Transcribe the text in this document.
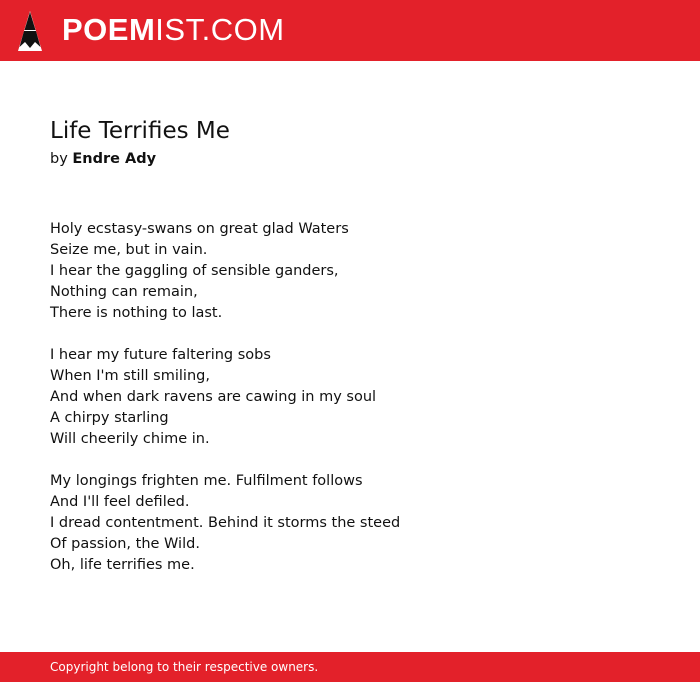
POEMIST.COM
Life Terrifies Me
by Endre Ady
Holy ecstasy-swans on great glad Waters
Seize me, but in vain.
I hear the gaggling of sensible ganders,
Nothing can remain,
There is nothing to last.
I hear my future faltering sobs
When I'm still smiling,
And when dark ravens are cawing in my soul
A chirpy starling
Will cheerily chime in.
My longings frighten me. Fulfilment follows
And I'll feel defiled.
I dread contentment. Behind it storms the steed
Of passion, the Wild.
Oh, life terrifies me.
Copyright belong to their respective owners.
